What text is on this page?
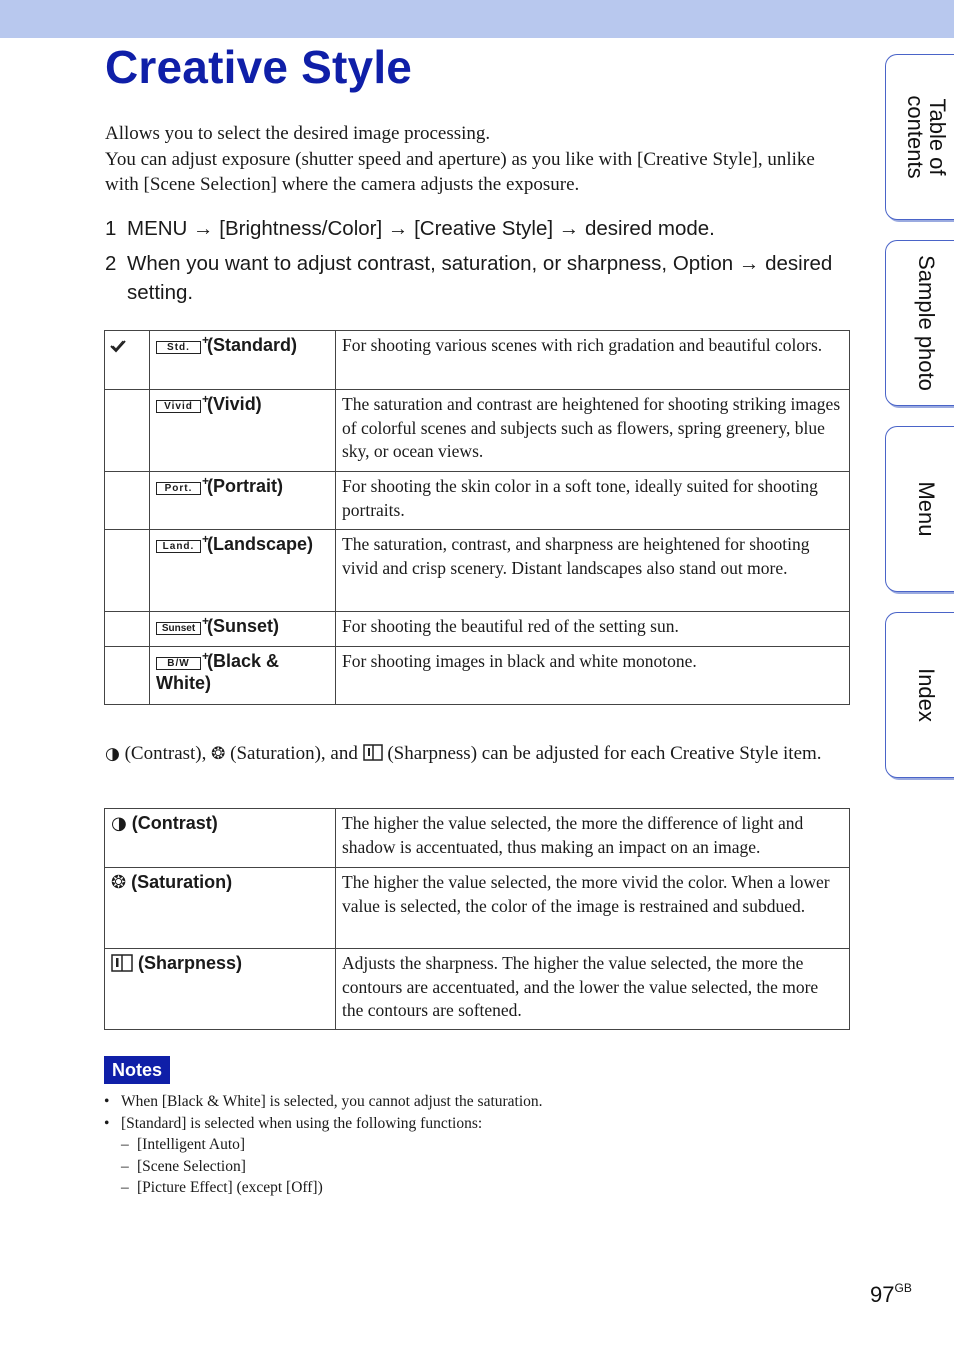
Creative Style

Allows you to select the desired image processing.

You can adjust exposure (shutter speed and aperture) as you like with [Creative Style], unlike with [Scene Selection] where the camera adjusts the exposure.

1 MENU → [Brightness/Color] → [Creative Style] → desired mode.
2 When you want to adjust contrast, saturation, or sharpness, Option → desired setting.
	Std. + (Standard)	For shooting various scenes with rich gradation and beautiful colors.
	Vivid + (Vivid)	The saturation and contrast are heightened for shooting striking images of colorful scenes and subjects such as flowers, spring greenery, blue sky, or ocean views.
	Port. + (Portrait)	For shooting the skin color in a soft tone, ideally suited for shooting portraits.
	Land. + (Landscape)	The saturation, contrast, and sharpness are heightened for shooting vivid and crisp scenery. Distant landscapes also stand out more.
	Sunset + (Sunset)	For shooting the beautiful red of the setting sun.
	B/W + (Black & White)	For shooting images in black and white monotone.
◑ (Contrast), ❂ (Saturation), and (Sharpness) can be adjusted for each Creative Style item.
◑ (Contrast)	The higher the value selected, the more the difference of light and shadow is accentuated, thus making an impact on an image.
❂ (Saturation)	The higher the value selected, the more vivid the color. When a lower value is selected, the color of the image is restrained and subdued.
(Sharpness)	Adjusts the sharpness. The higher the value selected, the more the contours are accentuated, and the lower the value selected, the more the contours are softened.
Notes
• When [Black & White] is selected, you cannot adjust the saturation.
• [Standard] is selected when using the following functions:
– [Intelligent Auto]
– [Scene Selection]
– [Picture Effect] (except [Off])
Table of contents
Sample photo
Menu
Index
$97^{GB}$
